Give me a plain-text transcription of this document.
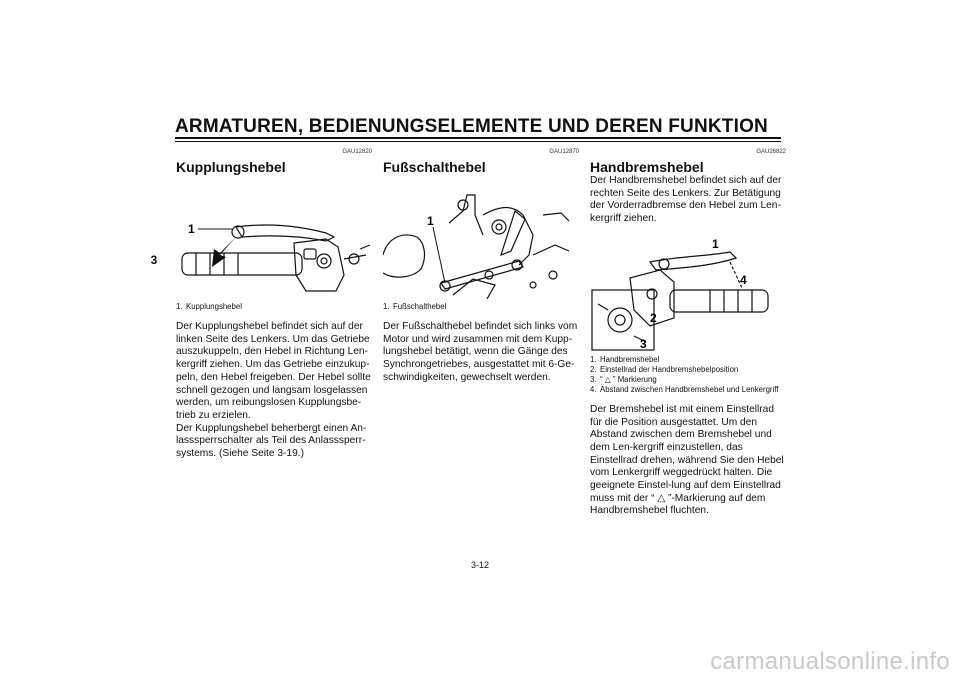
ARMATUREN, BEDIENUNGSELEMENTE UND DEREN FUNKTION
3
GAU12820
Kupplungshebel
1
1. Kupplungshebel

Der Kupplungshebel befindet sich auf der linken Seite des Lenkers. Um das Getriebe auszukuppeln, den Hebel in Richtung Len-kergriff ziehen. Um das Getriebe einzukup-peln, den Hebel freigeben. Der Hebel sollte schnell gezogen und langsam losgelassen werden, um reibungslosen Kupplungsbe-trieb zu erzielen.

Der Kupplungshebel beherbergt einen An-lasssperrschalter als Teil des Anlasssperr-systems. (Siehe Seite 3-19.)

GAU12870
Fußschalthebel
1
1. Fußschalthebel

Der Fußschalthebel befindet sich links vom Motor und wird zusammen mit dem Kupp-lungshebel betätigt, wenn die Gänge des Synchrongetriebes, ausgestattet mit 6-Ge-schwindigkeiten, gewechselt werden.

GAU26822
Handbremshebel

Der Handbremshebel befindet sich auf der rechten Seite des Lenkers. Zur Betätigung der Vorderradbremse den Hebel zum Len-kergriff ziehen.

1
4
2
3
1. Handbremshebel
2. Einstellrad der Handbremshebelposition
3. “ △ ” Markierung
4. Abstand zwischen Handbremshebel und Lenkergriff

Der Bremshebel ist mit einem Einstellrad für die Position ausgestattet. Um den Abstand zwischen dem Bremshebel und dem Len-kergriff einzustellen, das Einstellrad drehen, während Sie den Hebel vom Lenkergriff weggedrückt halten. Die geeignete Einstel-lung auf dem Einstellrad muss mit der “ △ ”-Markierung auf dem Handbremshebel fluchten.

3-12
carmanualsonline.info
